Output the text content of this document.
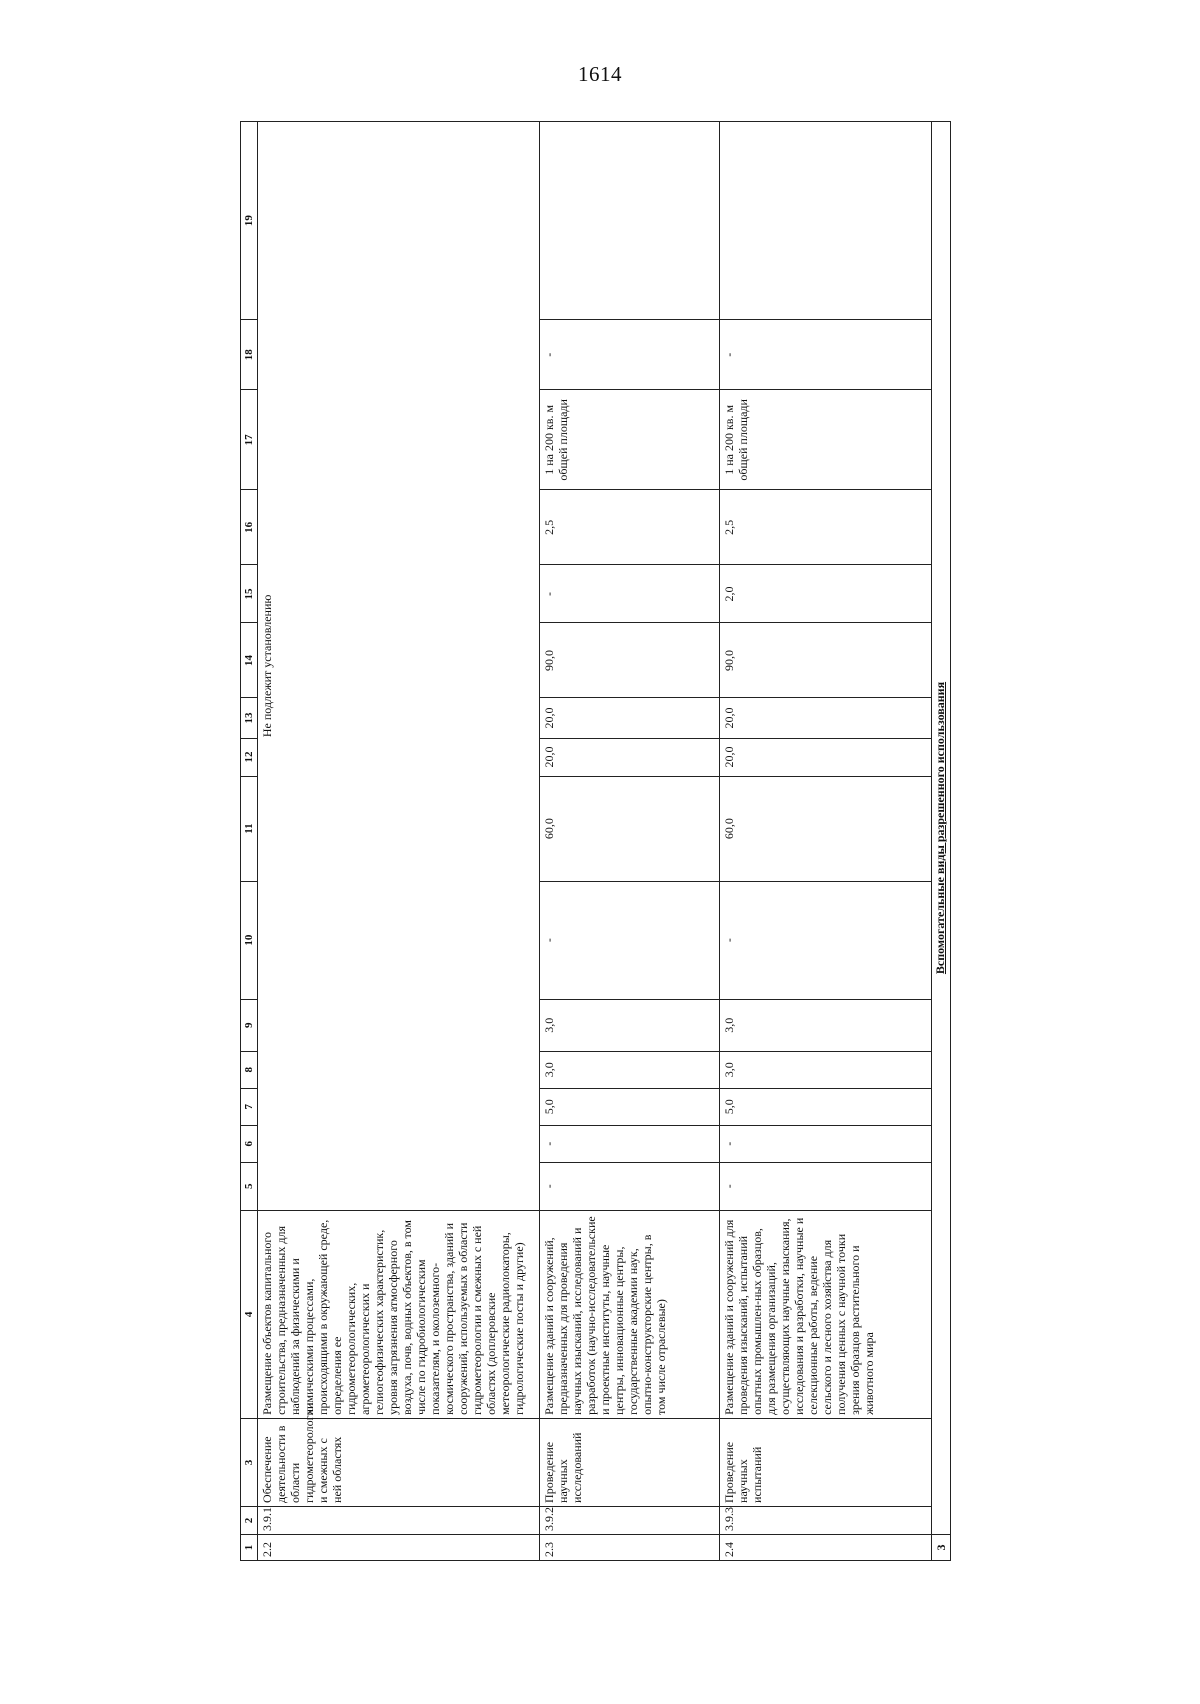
1614
1	2	3	4	5	6	7	8	9	10	11	12	13	14	15	16	17	18	19
2.2	3.9.1	Обеспечение деятельности в области гидрометеорологии и смежных с ней областях	Размещение объектов капитального строительства, предназначенных для наблюдений за физическими и химическими процессами, происходящими в окружающей среде, определения ее гидрометеорологических, агрометеорологических и гелиогеофизических характеристик, уровня загрязнения атмосферного воздуха, почв, водных объектов, в том числе по гидробиологическим показателям, и околоземного-космического пространства, зданий и сооружений, используемых в области гидрометеорологии и смежных с ней областях (доплеровские метеорологические радиолокаторы, гидрологические посты и другие)	Не подлежит установлению														
2.3	3.9.2	Проведение научных исследований	Размещение зданий и сооружений, предназначенных для проведения научных изысканий, исследований и разработок (научно-исследовательские и проектные институты, научные центры, инновационные центры, государственные академии наук, опытно-конструкторские центры, в том числе отраслевые)	-	-	5,0	3,0	3,0	-	60,0	20,0	20,0	90,0	-	2,5	1 на 200 кв. м общей площади	-	
2.4	3.9.3	Проведение научных испытаний	Размещение зданий и сооружений для проведения изысканий, испытаний опытных промышлен-ных образцов, для размещения организаций, осуществляющих научные изыскания, исследования и разработки, научные и селекционные работы, ведение сельского и лесного хозяйства для получения ценных с научной точки зрения образцов растительного и животного мира	-	-	5,0	3,0	3,0	-	60,0	20,0	20,0	90,0	2,0	2,5	1 на 200 кв. м общей площади	-	
3	Вспомогательные виды разрешенного использования																	
